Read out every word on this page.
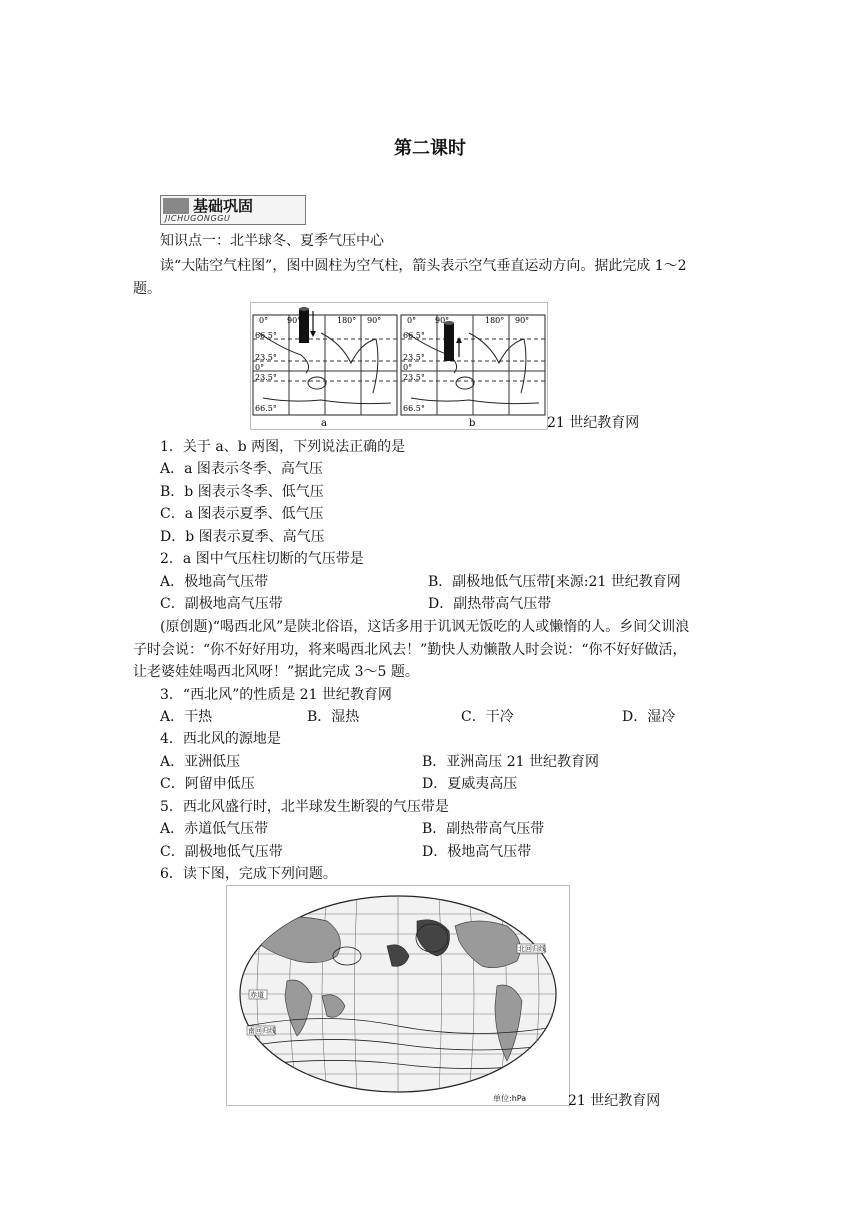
第二课时
基础巩固
JICHUGONGGU
知识点一：北半球冬、夏季气压中心
读“大陆空气柱图”，图中圆柱为空气柱，箭头表示空气垂直运动方向。据此完成 1～2
题。
0° 90°	180° 90°
66.5°
23.5°
0°
23.5°
66.5°
0° 90°	180° 90°
66.5°
23.5°
0°
23.5°
66.5°
a	b	21 世纪教育网
1．关于 a、b 两图，下列说法正确的是
A．a 图表示冬季、高气压
B．b 图表示冬季、低气压
C．a 图表示夏季、低气压
D．b 图表示夏季、高气压
2．a 图中气压柱切断的气压带是
A．极地高气压带	B．副极地低气压带[来源:21 世纪教育网
C．副极地高气压带	D．副热带高气压带
(原创题)“喝西北风”是陕北俗语，这话多用于讥讽无饭吃的人或懒惰的人。乡间父训浪
子时会说：“你不好好用功，将来喝西北风去！”勤快人劝懒散人时会说：“你不好好做活，
让老婆娃娃喝西北风呀！”据此完成 3～5 题。
3．“西北风”的性质是 21 世纪教育网
A．干热	B．湿热	C．干冷	D．湿冷
4．西北风的源地是
A．亚洲低压	B．亚洲高压 21 世纪教育网
C．阿留申低压	D．夏威夷高压
5．西北风盛行时，北半球发生断裂的气压带是
A．赤道低气压带	B．副热带高气压带
C．副极地低气压带	D．极地高气压带
6．读下图，完成下列问题。
赤道
南回归线
北回归线
单位:hPa	21 世纪教育网
